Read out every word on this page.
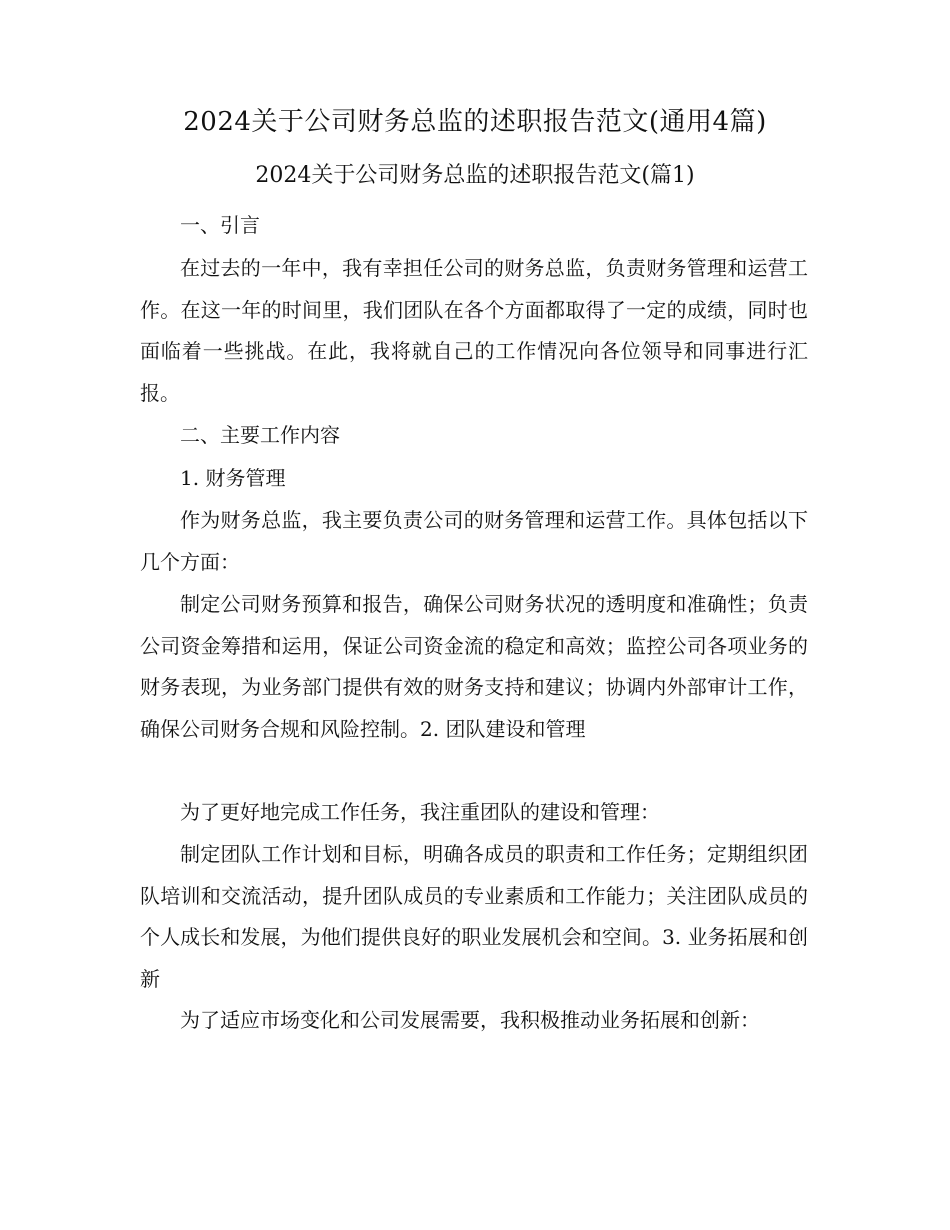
2024关于公司财务总监的述职报告范文(通用4篇)
2024关于公司财务总监的述职报告范文(篇1)

一、引言

在过去的一年中，我有幸担任公司的财务总监，负责财务管理和运营工作。在这一年的时间里，我们团队在各个方面都取得了一定的成绩，同时也面临着一些挑战。在此，我将就自己的工作情况向各位领导和同事进行汇报。

二、主要工作内容

1. 财务管理

作为财务总监，我主要负责公司的财务管理和运营工作。具体包括以下几个方面：

制定公司财务预算和报告，确保公司财务状况的透明度和准确性；负责公司资金筹措和运用，保证公司资金流的稳定和高效；监控公司各项业务的财务表现，为业务部门提供有效的财务支持和建议；协调内外部审计工作，确保公司财务合规和风险控制。2. 团队建设和管理

为了更好地完成工作任务，我注重团队的建设和管理：

制定团队工作计划和目标，明确各成员的职责和工作任务；定期组织团队培训和交流活动，提升团队成员的专业素质和工作能力；关注团队成员的个人成长和发展，为他们提供良好的职业发展机会和空间。3. 业务拓展和创新

为了适应市场变化和公司发展需要，我积极推动业务拓展和创新：
